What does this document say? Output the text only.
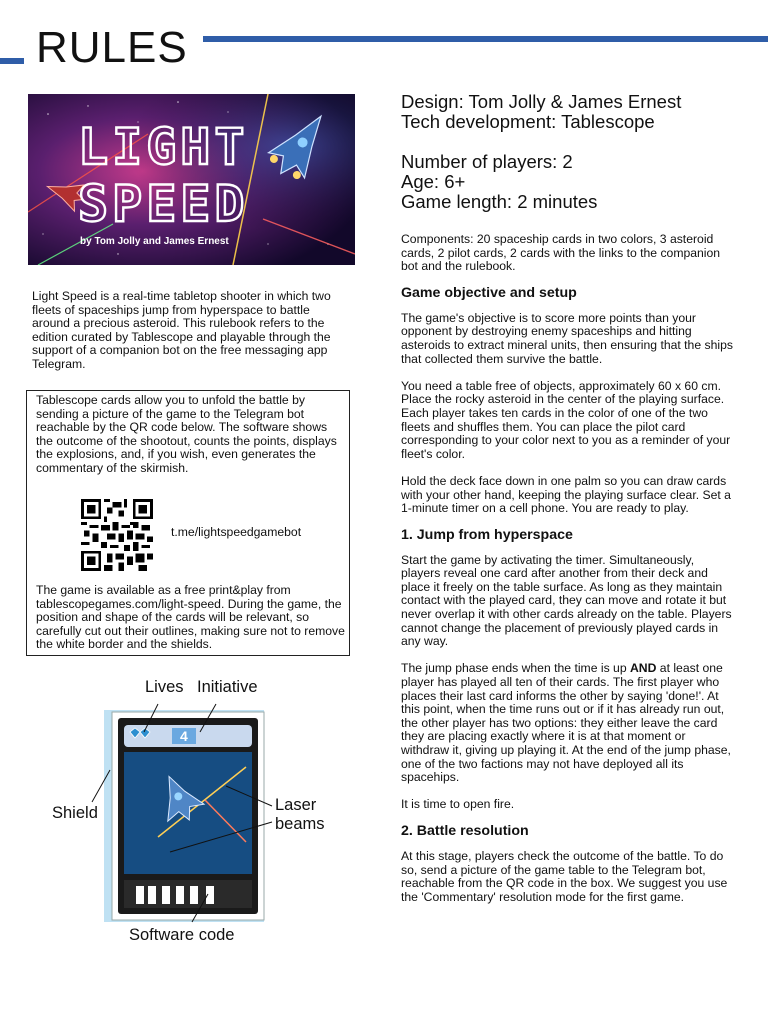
RULES
LIGHT
SPEED
by Tom Jolly and James Ernest
Light Speed is a real-time tabletop shooter in which two fleets of spaceships jump from hyperspace to battle around a precious asteroid. This rulebook refers to the edition curated by Tablescope and playable through the support of a companion bot on the free messaging app Telegram.
Tablescope cards allow you to unfold the battle by sending a picture of the game to the Telegram bot reachable by the QR code below. The software shows the outcome of the shootout, counts the points, displays the explosions, and, if you wish, even generates the commentary of the skirmish.
t.me/lightspeedgamebot
The game is available as a free print&play from tablescopegames.com/light-speed. During the game, the position and shape of the cards will be relevant, so carefully cut out their outlines, making sure not to remove the white border and the shields.
Lives Initiative
Shield	Laser
beams
Software code
4
Design: Tom Jolly & James Ernest
Tech development: Tablescope
Number of players: 2
Age: 6+
Game length: 2 minutes

Components: 20 spaceship cards in two colors, 3 asteroid cards, 2 pilot cards, 2 cards with the links to the companion bot and the rulebook.

Game objective and setup

The game's objective is to score more points than your opponent by destroying enemy spaceships and hitting asteroids to extract mineral units, then ensuring that the ships that collected them survive the battle.

You need a table free of objects, approximately 60 x 60 cm. Place the rocky asteroid in the center of the playing surface. Each player takes ten cards in the color of one of the two fleets and shuffles them. You can place the pilot card corresponding to your color next to you as a reminder of your fleet's color.

Hold the deck face down in one palm so you can draw cards with your other hand, keeping the playing surface clear. Set a 1-minute timer on a cell phone. You are ready to play.

1. Jump from hyperspace

Start the game by activating the timer. Simultaneously, players reveal one card after another from their deck and place it freely on the table surface. As long as they maintain contact with the played card, they can move and rotate it but never overlap it with other cards already on the table. Players cannot change the placement of previously played cards in any way.

The jump phase ends when the time is up AND at least one player has played all ten of their cards. The first player who places their last card informs the other by saying 'done!'. At this point, when the time runs out or if it has already run out, the other player has two options: they either leave the card they are placing exactly where it is at that moment or withdraw it, giving up playing it. At the end of the jump phase, one of the two factions may not have deployed all its spacehips.

It is time to open fire.

2. Battle resolution

At this stage, players check the outcome of the battle. To do so, send a picture of the game table to the Telegram bot, reachable from the QR code in the box. We suggest you use the 'Commentary' resolution mode for the first game.
